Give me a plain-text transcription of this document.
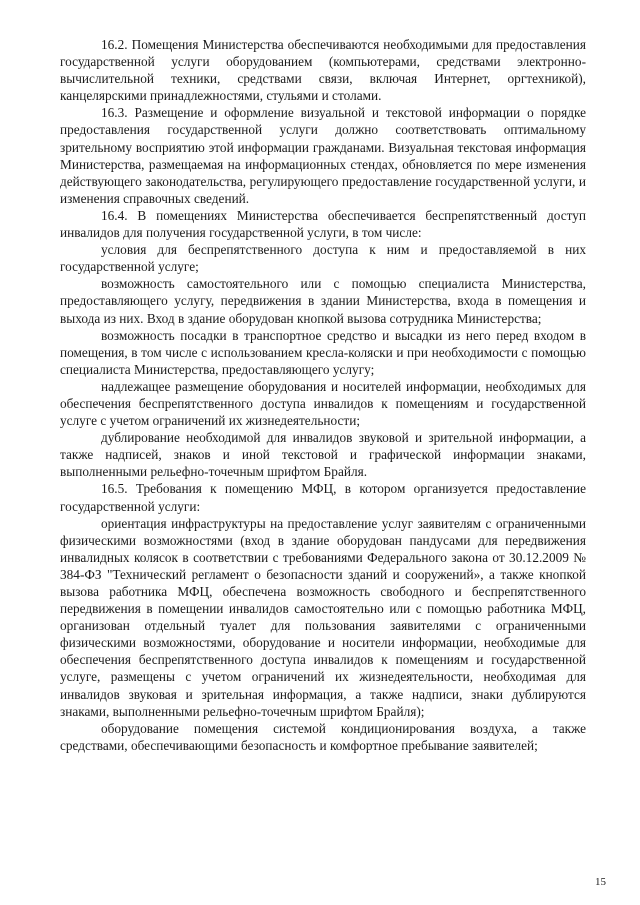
16.2. Помещения Министерства обеспечиваются необходимыми для предоставления государственной услуги оборудованием (компьютерами, средствами электронно-вычислительной техники, средствами связи, включая Интернет, оргтехникой), канцелярскими принадлежностями, стульями и столами.

16.3. Размещение и оформление визуальной и текстовой информации о порядке предоставления государственной услуги должно соответствовать оптимальному зрительному восприятию этой информации гражданами. Визуальная текстовая информация Министерства, размещаемая на информационных стендах, обновляется по мере изменения действующего законодательства, регулирующего предоставление государственной услуги, и изменения справочных сведений.

16.4. В помещениях Министерства обеспечивается беспрепятственный доступ инвалидов для получения государственной услуги, в том числе:

условия для беспрепятственного доступа к ним и предоставляемой в них государственной услуге;

возможность самостоятельного или с помощью специалиста Министерства, предоставляющего услугу, передвижения в здании Министерства, входа в помещения и выхода из них. Вход в здание оборудован кнопкой вызова сотрудника Министерства;

возможность посадки в транспортное средство и высадки из него перед входом в помещения, в том числе с использованием кресла-коляски и при необходимости с помощью специалиста Министерства, предоставляющего услугу;

надлежащее размещение оборудования и носителей информации, необходимых для обеспечения беспрепятственного доступа инвалидов к помещениям и государственной услуге с учетом ограничений их жизнедеятельности;

дублирование необходимой для инвалидов звуковой и зрительной информации, а также надписей, знаков и иной текстовой и графической информации знаками, выполненными рельефно-точечным шрифтом Брайля.

16.5. Требования к помещению МФЦ, в котором организуется предоставление государственной услуги:

ориентация инфраструктуры на предоставление услуг заявителям с ограниченными физическими возможностями (вход в здание оборудован пандусами для передвижения инвалидных колясок в соответствии с требованиями Федерального закона от 30.12.2009 № 384-ФЗ "Технический регламент о безопасности зданий и сооружений», а также кнопкой вызова работника МФЦ, обеспечена возможность свободного и беспрепятственного передвижения в помещении инвалидов самостоятельно или с помощью работника МФЦ, организован отдельный туалет для пользования заявителями с ограниченными физическими возможностями, оборудование и носители информации, необходимые для обеспечения беспрепятственного доступа инвалидов к помещениям и государственной услуге, размещены с учетом ограничений их жизнедеятельности, необходимая для инвалидов звуковая и зрительная информация, а также надписи, знаки дублируются знаками, выполненными рельефно-точечным шрифтом Брайля);

оборудование помещения системой кондиционирования воздуха, а также средствами, обеспечивающими безопасность и комфортное пребывание заявителей;

15
